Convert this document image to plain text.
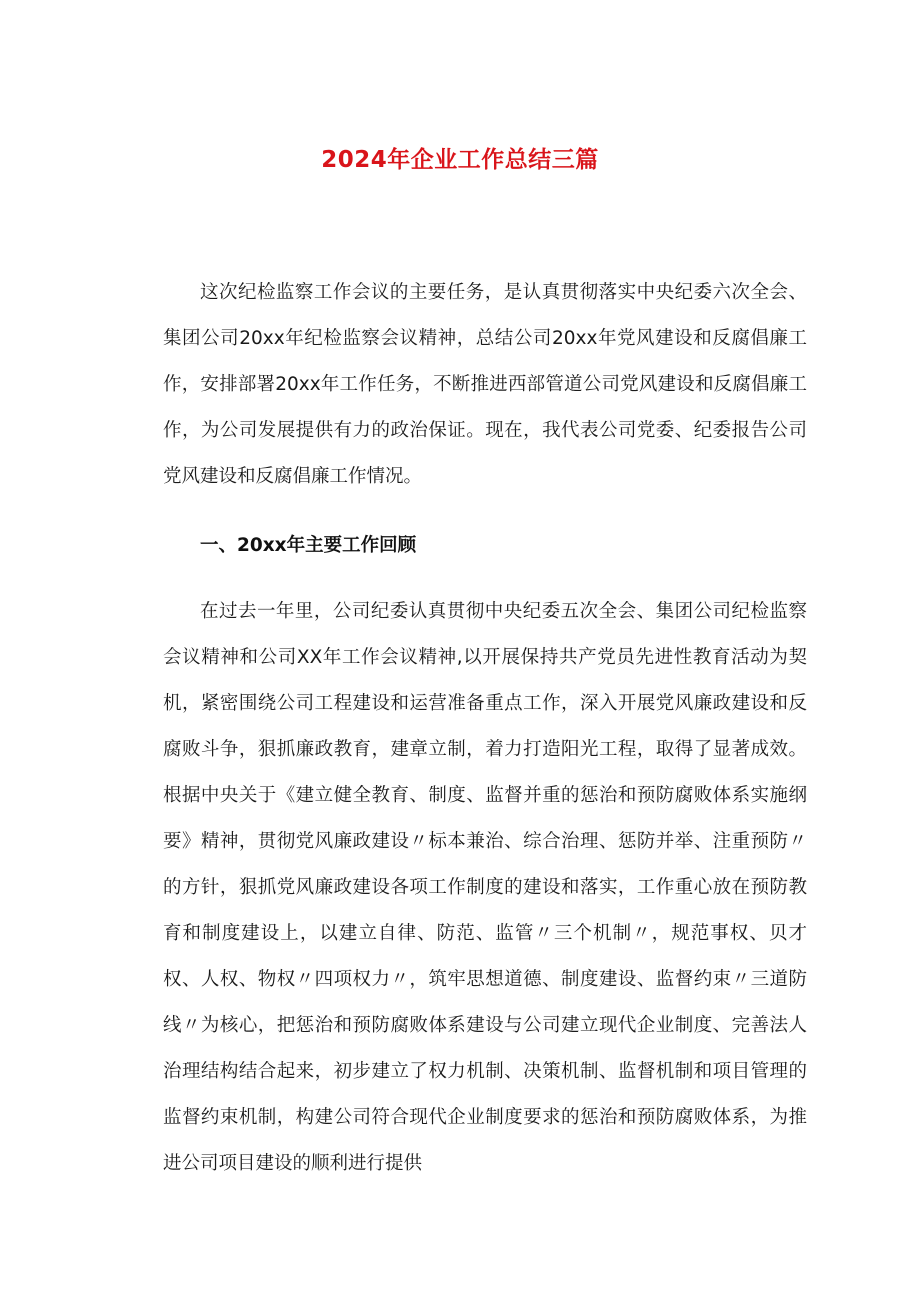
2024年企业工作总结三篇

这次纪检监察工作会议的主要任务，是认真贯彻落实中央纪委六次全会、集团公司20xx年纪检监察会议精神，总结公司20xx年党风建设和反腐倡廉工作，安排部署20xx年工作任务，不断推进西部管道公司党风建设和反腐倡廉工作，为公司发展提供有力的政治保证。现在，我代表公司党委、纪委报告公司党风建设和反腐倡廉工作情况。

一、20xx年主要工作回顾

在过去一年里，公司纪委认真贯彻中央纪委五次全会、集团公司纪检监察会议精神和公司XX年工作会议精神,以开展保持共产党员先进性教育活动为契机，紧密围绕公司工程建设和运营准备重点工作，深入开展党风廉政建设和反腐败斗争，狠抓廉政教育，建章立制，着力打造阳光工程，取得了显著成效。根据中央关于《建立健全教育、制度、监督并重的惩治和预防腐败体系实施纲要》精神，贯彻党风廉政建设〃标本兼治、综合治理、惩防并举、注重预防〃的方针，狠抓党风廉政建设各项工作制度的建设和落实，工作重心放在预防教育和制度建设上，以建立自律、防范、监管〃三个机制〃，规范事权、贝才权、人权、物权〃四项权力〃，筑牢思想道德、制度建设、监督约束〃三道防线〃为核心，把惩治和预防腐败体系建设与公司建立现代企业制度、完善法人治理结构结合起来，初步建立了权力机制、决策机制、监督机制和项目管理的监督约束机制，构建公司符合现代企业制度要求的惩治和预防腐败体系，为推进公司项目建设的顺利进行提供
